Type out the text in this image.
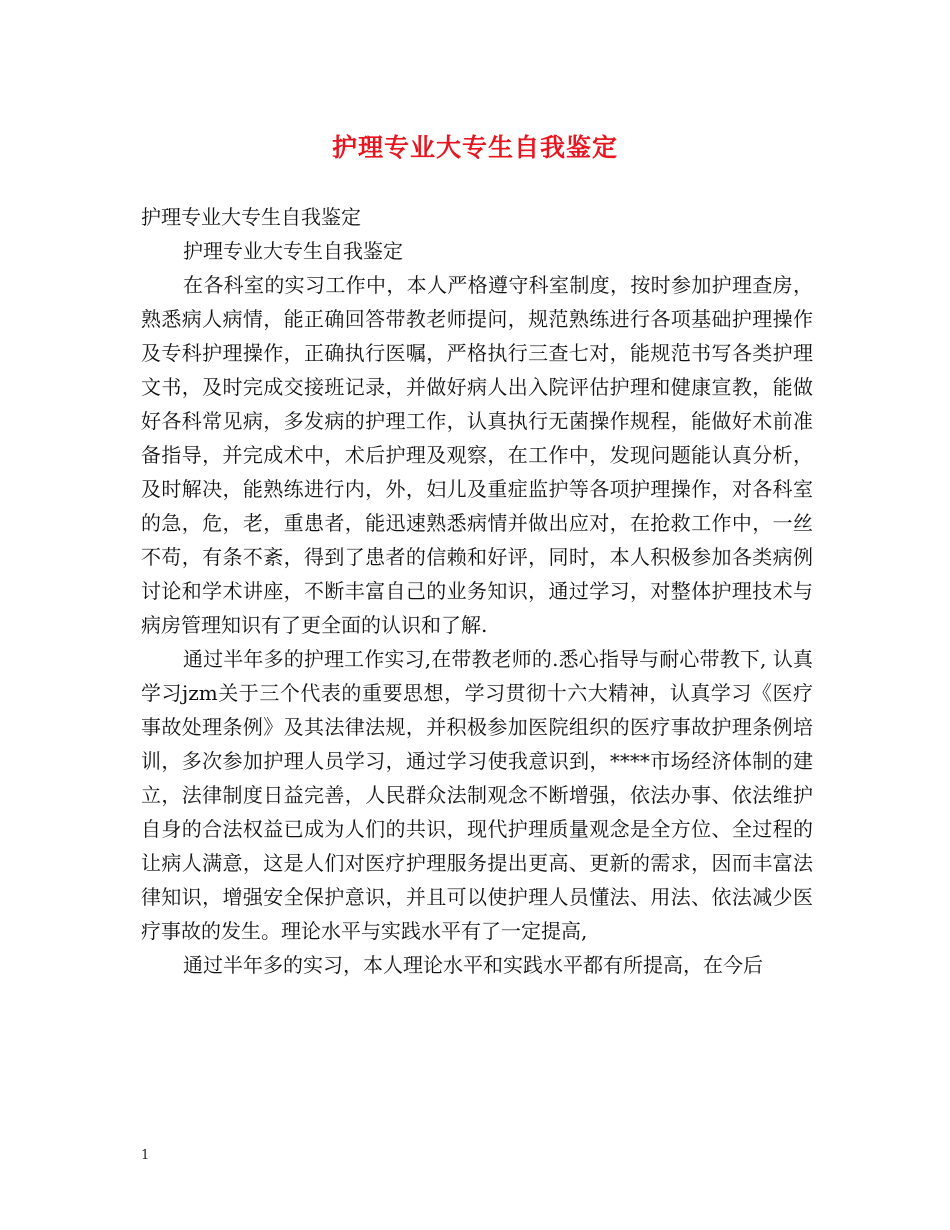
护理专业大专生自我鉴定

护理专业大专生自我鉴定

护理专业大专生自我鉴定

在各科室的实习工作中，本人严格遵守科室制度，按时参加护理查房，熟悉病人病情，能正确回答带教老师提问，规范熟练进行各项基础护理操作及专科护理操作，正确执行医嘱，严格执行三查七对，能规范书写各类护理文书，及时完成交接班记录，并做好病人出入院评估护理和健康宣教，能做好各科常见病，多发病的护理工作，认真执行无菌操作规程，能做好术前准备指导，并完成术中，术后护理及观察，在工作中，发现问题能认真分析，及时解决，能熟练进行内，外，妇儿及重症监护等各项护理操作，对各科室的急，危，老，重患者，能迅速熟悉病情并做出应对，在抢救工作中，一丝不苟，有条不紊，得到了患者的信赖和好评，同时，本人积极参加各类病例讨论和学术讲座，不断丰富自己的业务知识，通过学习，对整体护理技术与病房管理知识有了更全面的认识和了解.

通过半年多的护理工作实习,在带教老师的.悉心指导与耐心带教下, 认真学习jzm关于三个代表的重要思想，学习贯彻十六大精神，认真学习《医疗事故处理条例》及其法律法规，并积极参加医院组织的医疗事故护理条例培训，多次参加护理人员学习，通过学习使我意识到，****市场经济体制的建立，法律制度日益完善，人民群众法制观念不断增强，依法办事、依法维护自身的合法权益已成为人们的共识，现代护理质量观念是全方位、全过程的让病人满意，这是人们对医疗护理服务提出更高、更新的需求，因而丰富法律知识，增强安全保护意识，并且可以使护理人员懂法、用法、依法减少医疗事故的发生。理论水平与实践水平有了一定提高,

通过半年多的实习，本人理论水平和实践水平都有所提高，在今后

1
